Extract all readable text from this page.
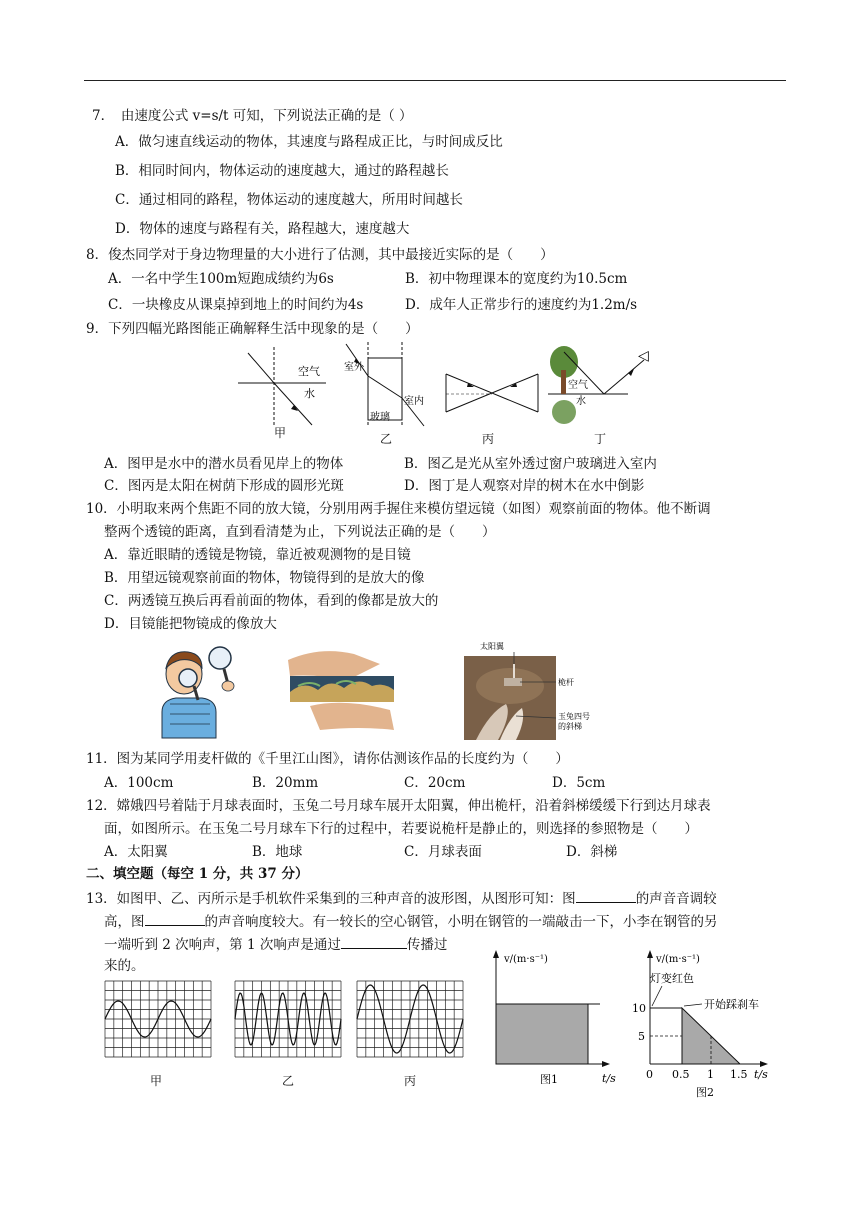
7．　由速度公式 v=s/t 可知，下列说法正确的是（ ）
A．做匀速直线运动的物体，其速度与路程成正比，与时间成反比
B．相同时间内，物体运动的速度越大，通过的路程越长
C．通过相同的路程，物体运动的速度越大，所用时间越长
D．物体的速度与路程有关，路程越大，速度越大
8．俊杰同学对于身边物理量的大小进行了估测，其中最接近实际的是（　　）
A．一名中学生100m短跑成绩约为6s	B．初中物理课本的宽度约为10.5cm
C．一块橡皮从课桌掉到地上的时间约为4s	D．成年人正常步行的速度约为1.2m/s
9．下列四幅光路图能正确解释生活中现象的是（　　）
空气
水
甲
室外
室内
玻璃
乙	丙
空气
水
◁
丁
A．图甲是水中的潜水员看见岸上的物体	B．图乙是光从室外透过窗户玻璃进入室内
C．图丙是太阳在树荫下形成的圆形光斑	D．图丁是人观察对岸的树木在水中倒影
10．小明取来两个焦距不同的放大镜，分别用两手握住来模仿望远镜（如图）观察前面的物体。他不断调
整两个透镜的距离，直到看清楚为止，下列说法正确的是（　　）
A．靠近眼睛的透镜是物镜，靠近被观测物的是目镜
B．用望远镜观察前面的物体，物镜得到的是放大的像
C．两透镜互换后再看前面的物体，看到的像都是放大的
D．目镜能把物镜成的像放大
太阳翼
桅杆
玉兔四号
的斜梯
11．图为某同学用麦杆做的《千里江山图》，请你估测该作品的长度约为（　　）
A．100cm	B．20mm	C．20cm	D．5cm
12．嫦娥四号着陆于月球表面时，玉兔二号月球车展开太阳翼，伸出桅杆，沿着斜梯缓缓下行到达月球表
面，如图所示。在玉兔二号月球车下行的过程中，若要说桅杆是静止的，则选择的参照物是（　　）
A．太阳翼	B．地球	C．月球表面	D．斜梯
二、填空题（每空 1 分，共 37 分）
13．如图甲、乙、丙所示是手机软件采集到的三种声音的波形图，从图形可知：图	的声音音调较
高，图	的声音响度较大。有一较长的空心钢管，小明在钢管的一端敲击一下，小李在钢管的另
一端听到 2 次响声，第 1 次响声是通过	传播过
来的。
甲	乙	丙
v/(m·s⁻¹)
t/s
图1
v/(m·s⁻¹)
灯变红色
开始踩刹车
10
5
0 0.5 1 1.5 t/s
图2
